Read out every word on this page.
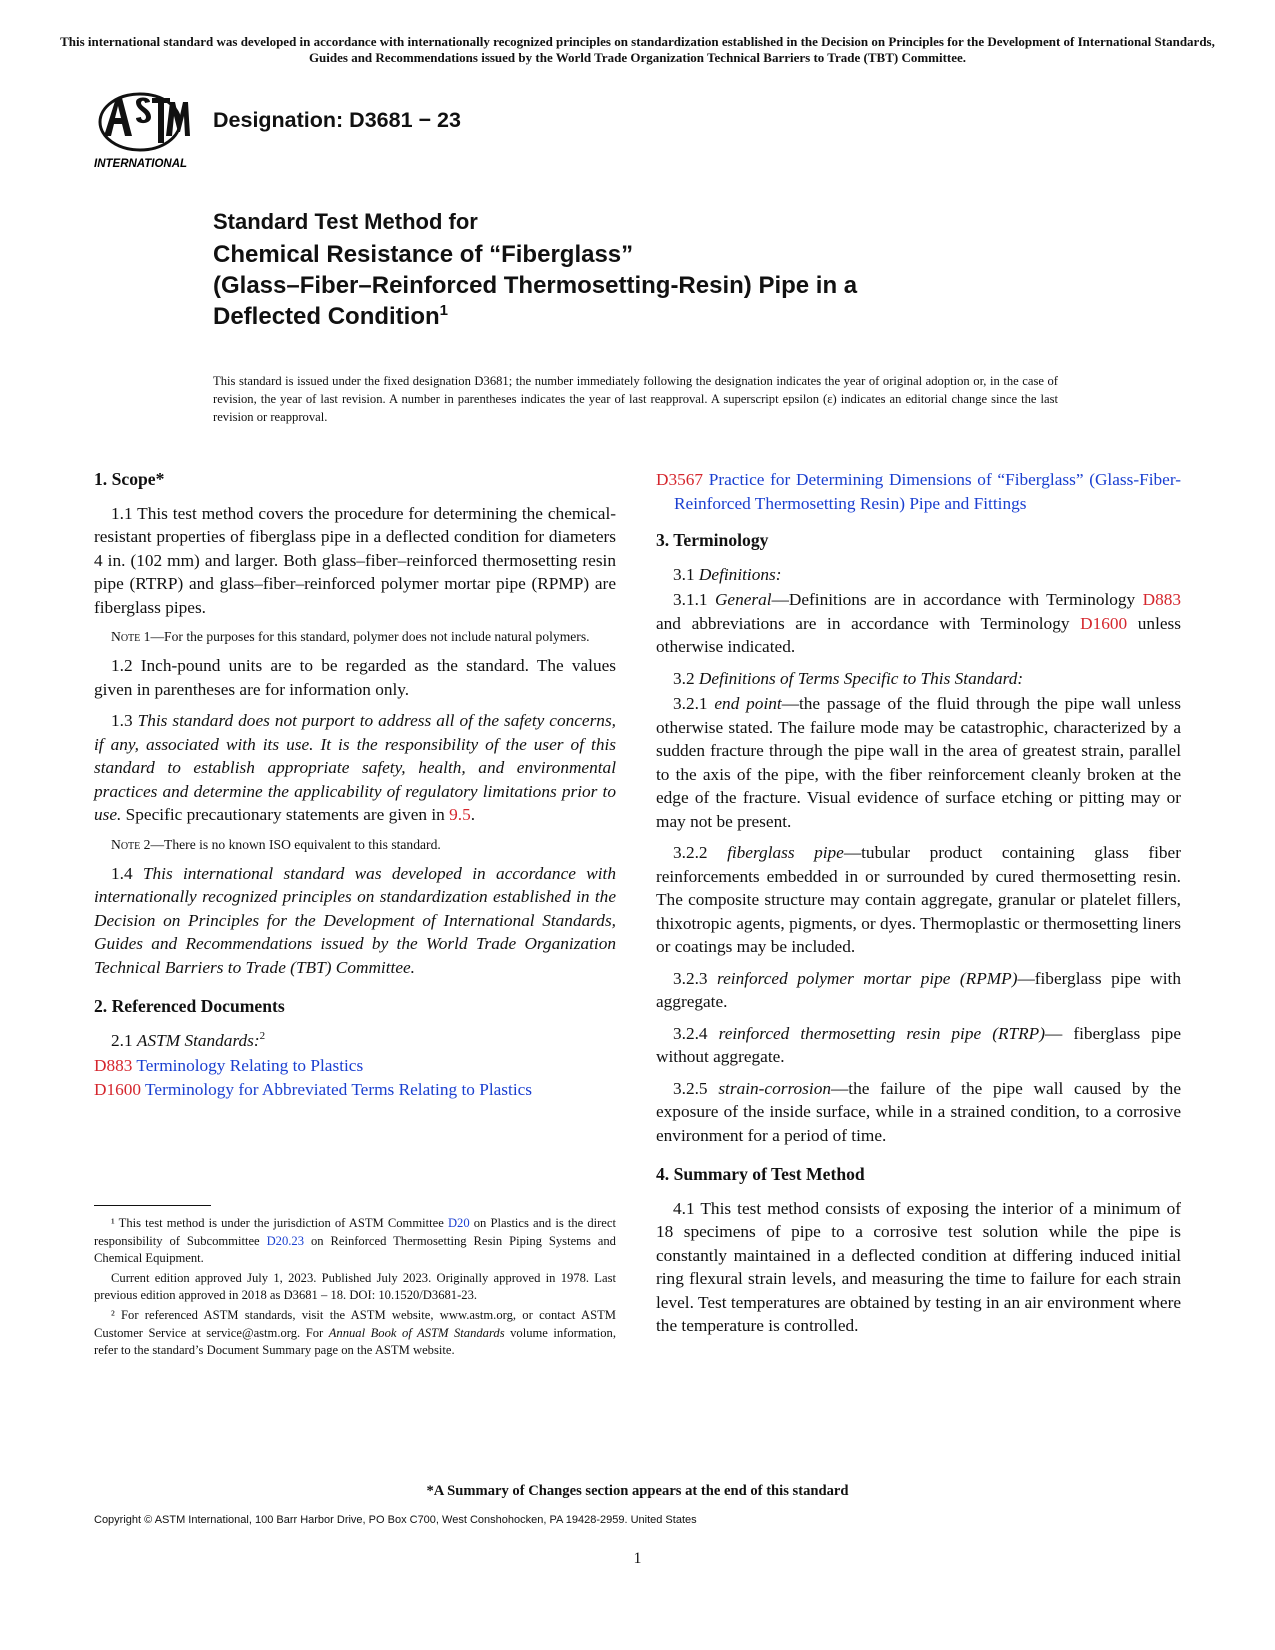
This international standard was developed in accordance with internationally recognized principles on standardization established in the Decision on Principles for the Development of International Standards, Guides and Recommendations issued by the World Trade Organization Technical Barriers to Trade (TBT) Committee.
INTERNATIONAL
Designation: D3681 − 23
Standard Test Method for
Chemical Resistance of “Fiberglass”
(Glass–Fiber–Reinforced Thermosetting-Resin) Pipe in a
Deflected Condition$^1$
This standard is issued under the fixed designation D3681; the number immediately following the designation indicates the year of original adoption or, in the case of revision, the year of last revision. A number in parentheses indicates the year of last reapproval. A superscript epsilon (ε) indicates an editorial change since the last revision or reapproval.
1. Scope*

1.1 This test method covers the procedure for determining the chemical-resistant properties of fiberglass pipe in a deflected condition for diameters 4 in. (102 mm) and larger. Both glass–fiber–reinforced thermosetting resin pipe (RTRP) and glass–fiber–reinforced polymer mortar pipe (RPMP) are fiberglass pipes.

Note 1—For the purposes for this standard, polymer does not include natural polymers.

1.2 Inch-pound units are to be regarded as the standard. The values given in parentheses are for information only.

1.3 This standard does not purport to address all of the safety concerns, if any, associated with its use. It is the responsibility of the user of this standard to establish appropriate safety, health, and environmental practices and determine the applicability of regulatory limitations prior to use. Specific precautionary statements are given in 9.5.

Note 2—There is no known ISO equivalent to this standard.

1.4 This international standard was developed in accordance with internationally recognized principles on standardization established in the Decision on Principles for the Development of International Standards, Guides and Recommendations issued by the World Trade Organization Technical Barriers to Trade (TBT) Committee.

2. Referenced Documents

2.1 ASTM Standards:$^2$

D883 Terminology Relating to Plastics

D1600 Terminology for Abbreviated Terms Relating to Plastics

¹ This test method is under the jurisdiction of ASTM Committee D20 on Plastics and is the direct responsibility of Subcommittee D20.23 on Reinforced Thermosetting Resin Piping Systems and Chemical Equipment.

Current edition approved July 1, 2023. Published July 2023. Originally approved in 1978. Last previous edition approved in 2018 as D3681 – 18. DOI: 10.1520/D3681-23.

² For referenced ASTM standards, visit the ASTM website, www.astm.org, or contact ASTM Customer Service at service@astm.org. For Annual Book of ASTM Standards volume information, refer to the standard’s Document Summary page on the ASTM website.

D3567 Practice for Determining Dimensions of “Fiberglass” (Glass-Fiber-Reinforced Thermosetting Resin) Pipe and Fittings

3. Terminology

3.1 Definitions:

3.1.1 General—Definitions are in accordance with Terminology D883 and abbreviations are in accordance with Terminology D1600 unless otherwise indicated.

3.2 Definitions of Terms Specific to This Standard:

3.2.1 end point—the passage of the fluid through the pipe wall unless otherwise stated. The failure mode may be catastrophic, characterized by a sudden fracture through the pipe wall in the area of greatest strain, parallel to the axis of the pipe, with the fiber reinforcement cleanly broken at the edge of the fracture. Visual evidence of surface etching or pitting may or may not be present.

3.2.2 fiberglass pipe—tubular product containing glass fiber reinforcements embedded in or surrounded by cured thermosetting resin. The composite structure may contain aggregate, granular or platelet fillers, thixotropic agents, pigments, or dyes. Thermoplastic or thermosetting liners or coatings may be included.

3.2.3 reinforced polymer mortar pipe (RPMP)—fiberglass pipe with aggregate.

3.2.4 reinforced thermosetting resin pipe (RTRP)— fiberglass pipe without aggregate.

3.2.5 strain-corrosion—the failure of the pipe wall caused by the exposure of the inside surface, while in a strained condition, to a corrosive environment for a period of time.

4. Summary of Test Method

4.1 This test method consists of exposing the interior of a minimum of 18 specimens of pipe to a corrosive test solution while the pipe is constantly maintained in a deflected condition at differing induced initial ring flexural strain levels, and measuring the time to failure for each strain level. Test temperatures are obtained by testing in an air environment where the temperature is controlled.

*A Summary of Changes section appears at the end of this standard
Copyright © ASTM International, 100 Barr Harbor Drive, PO Box C700, West Conshohocken, PA 19428-2959. United States
1
